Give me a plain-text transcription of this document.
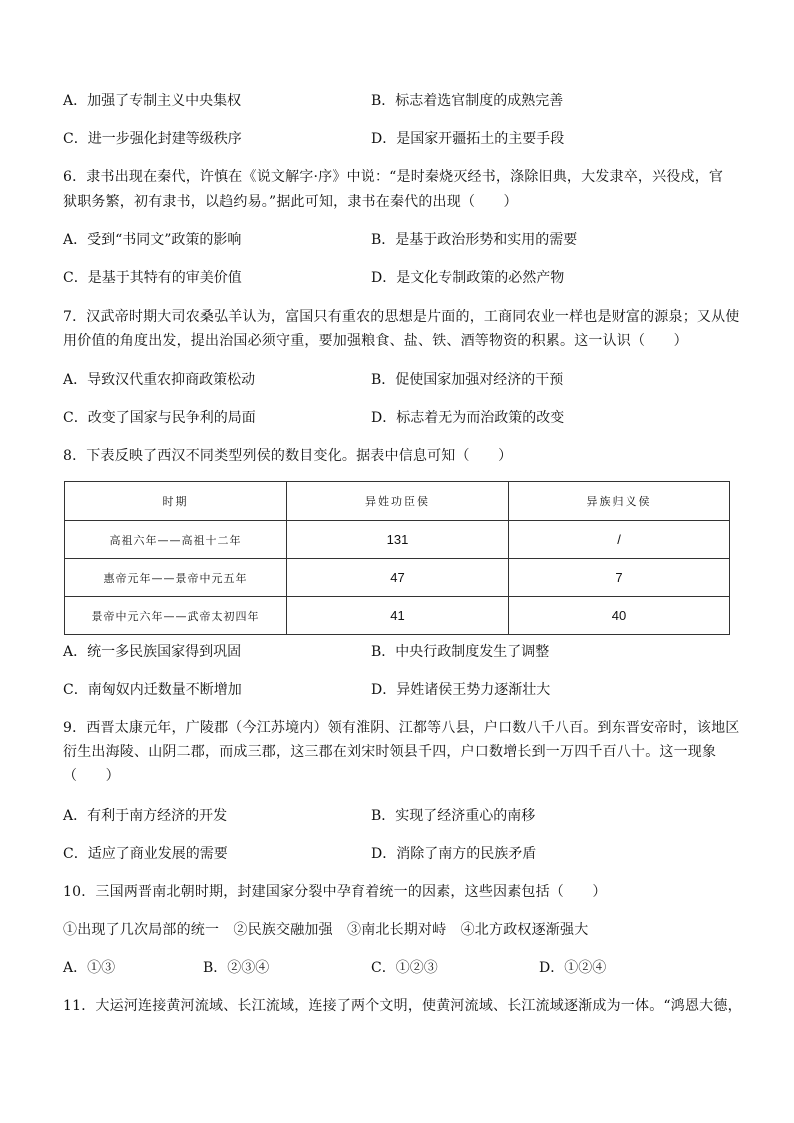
A．加强了专制主义中央集权	B．标志着选官制度的成熟完善
C．进一步强化封建等级秩序	D．是国家开疆拓土的主要手段
6．隶书出现在秦代，许慎在《说文解字·序》中说：“是时秦烧灭经书，涤除旧典，大发隶卒，兴役戍，官
狱职务繁，初有隶书，以趋约易。”据此可知，隶书在秦代的出现（　　）
A．受到“书同文”政策的影响	B．是基于政治形势和实用的需要
C．是基于其特有的审美价值	D．是文化专制政策的必然产物
7．汉武帝时期大司农桑弘羊认为，富国只有重农的思想是片面的，工商同农业一样也是财富的源泉；又从使
用价值的角度出发，提出治国必须守重，要加强粮食、盐、铁、酒等物资的积累。这一认识（　　）
A．导致汉代重农抑商政策松动	B．促使国家加强对经济的干预
C．改变了国家与民争利的局面	D．标志着无为而治政策的改变
8．下表反映了西汉不同类型列侯的数目变化。据表中信息可知（　　）
时期	异姓功臣侯	异族归义侯
高祖六年——高祖十二年	131	/
惠帝元年——景帝中元五年	47	7
景帝中元六年——武帝太初四年	41	40
A．统一多民族国家得到巩固	B．中央行政制度发生了调整
C．南匈奴内迁数量不断增加	D．异姓诸侯王势力逐渐壮大
9．西晋太康元年，广陵郡（今江苏境内）领有淮阴、江都等八县，户口数八千八百。到东晋安帝时，该地区
衍生出海陵、山阴二郡，而成三郡，这三郡在刘宋时领县千四，户口数增长到一万四千百八十。这一现象
（　　）
A．有利于南方经济的开发	B．实现了经济重心的南移
C．适应了商业发展的需要	D．消除了南方的民族矛盾
10．三国两晋南北朝时期，封建国家分裂中孕育着统一的因素，这些因素包括（　　）
①出现了几次局部的统一　②民族交融加强　③南北长期对峙　④北方政权逐渐强大
A．①③	B．②③④	C．①②③	D．①②④
11．大运河连接黄河流域、长江流域，连接了两个文明，使黄河流域、长江流域逐渐成为一体。“鸿恩大德，
